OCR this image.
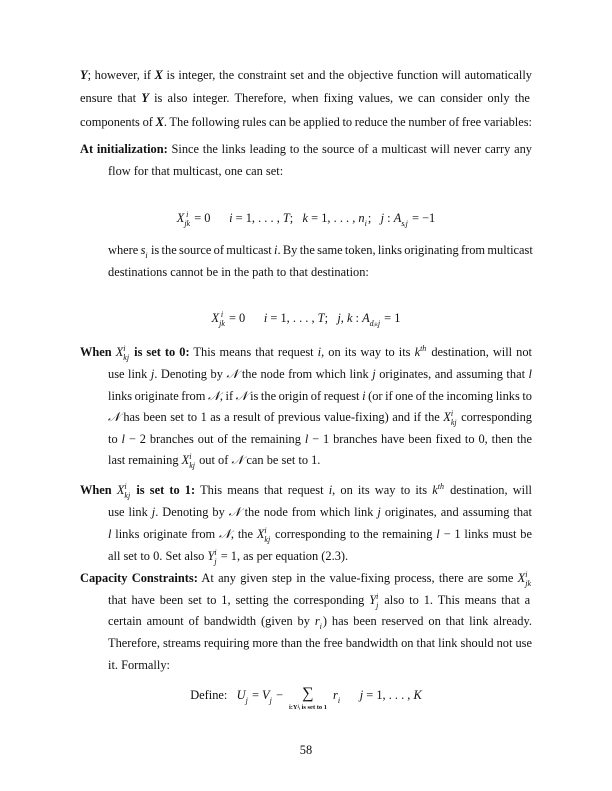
Y; however, if X is integer, the constraint set and the objective function will automatically
ensure that Y is also integer. Therefore, when fixing values, we can consider only the
components of X. The following rules can be applied to reduce the number of free variables:
At initialization: Since the links leading to the source of a multicast will never carry any
flow for that multicast, one can set:
X i
jk = 0      i = 1, . . . , T;   k = 1, . . . , n i ;   j : A sᵢj = −1
where s i is the source of multicast i. By the same token, links originating from multicast
destinations cannot be in the path to that destination:
X i
jk = 0      i = 1, . . . , T;   j, k : A dᵢₖj = 1
When X i
kj is set to 0: This means that request i, on its way to its k th destination, will not
use link j. Denoting by 𝒩 the node from which link j originates, and assuming that l
links originate from 𝒩, if 𝒩 is the origin of request i (or if one of the incoming links to
𝒩 has been set to 1 as a result of previous value-fixing) and if the X i
kj corresponding
to l − 2 branches out of the remaining l − 1 branches have been fixed to 0, then the
last remaining X i
kj out of 𝒩 can be set to 1.
When X i
kj is set to 1: This means that request i, on its way to its k th destination, will
use link j. Denoting by 𝒩 the node from which link j originates, and assuming that
l links originate from 𝒩, the X i
kj corresponding to the remaining l − 1 links must be
all set to 0. Set also Y i
j = 1, as per equation (2.3).
Capacity Constraints: At any given step in the value-fixing process, there are some X i
jk
that have been set to 1, setting the corresponding Y i
j also to 1. This means that a
certain amount of bandwidth (given by r i ) has been reserved on that link already.
Therefore, streams requiring more than the free bandwidth on that link should not use
it. Formally:
Define:   U j = V j − ∑
i:Yʲᵢ is set to 1
r i j = 1, . . . , K
58
